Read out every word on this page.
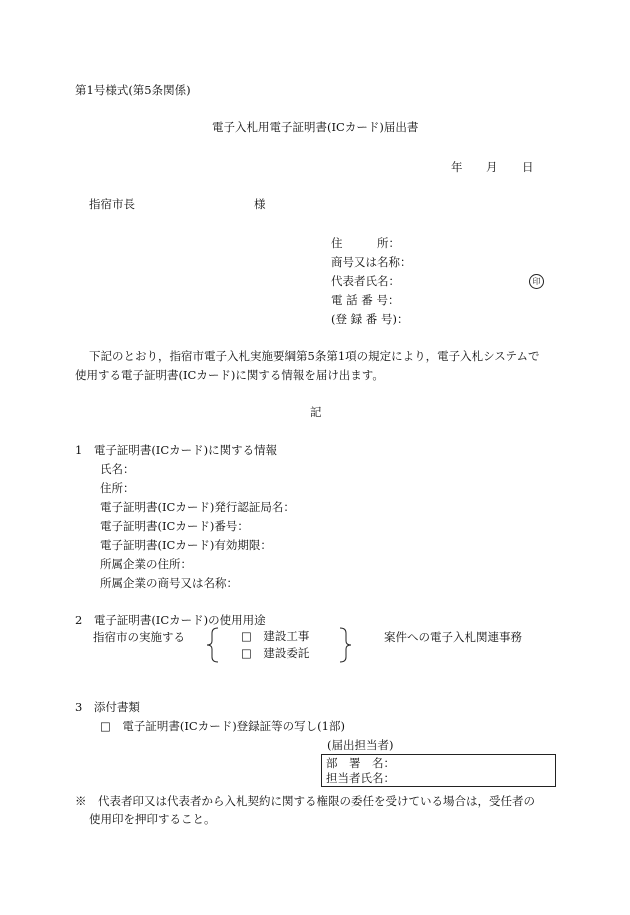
第1号様式(第5条関係)
電子入札用電子証明書(ICカード)届出書
年 月 日
指宿市長	様
住　　　所：
商号又は名称：
代表者氏名：	印
電 話 番 号：
(登 録 番 号)：
下記のとおり，指宿市電子入札実施要綱第5条第1項の規定により，電子入札システムで
使用する電子証明書(ICカード)に関する情報を届け出ます。
記
1　電子証明書(ICカード)に関する情報
氏名：
住所：
電子証明書(ICカード)発行認証局名：
電子証明書(ICカード)番号：
電子証明書(ICカード)有効期限：
所属企業の住所：
所属企業の商号又は名称：
2　電子証明書(ICカード)の使用用途
指宿市の実施する	□　建設工事
□　建設委託
案件への電子入札関連事務
3　添付書類
□　電子証明書(ICカード)登録証等の写し(1部)
(届出担当者)
部　署　名：
担当者氏名：
※　代表者印又は代表者から入札契約に関する権限の委任を受けている場合は，受任者の
使用印を押印すること。
